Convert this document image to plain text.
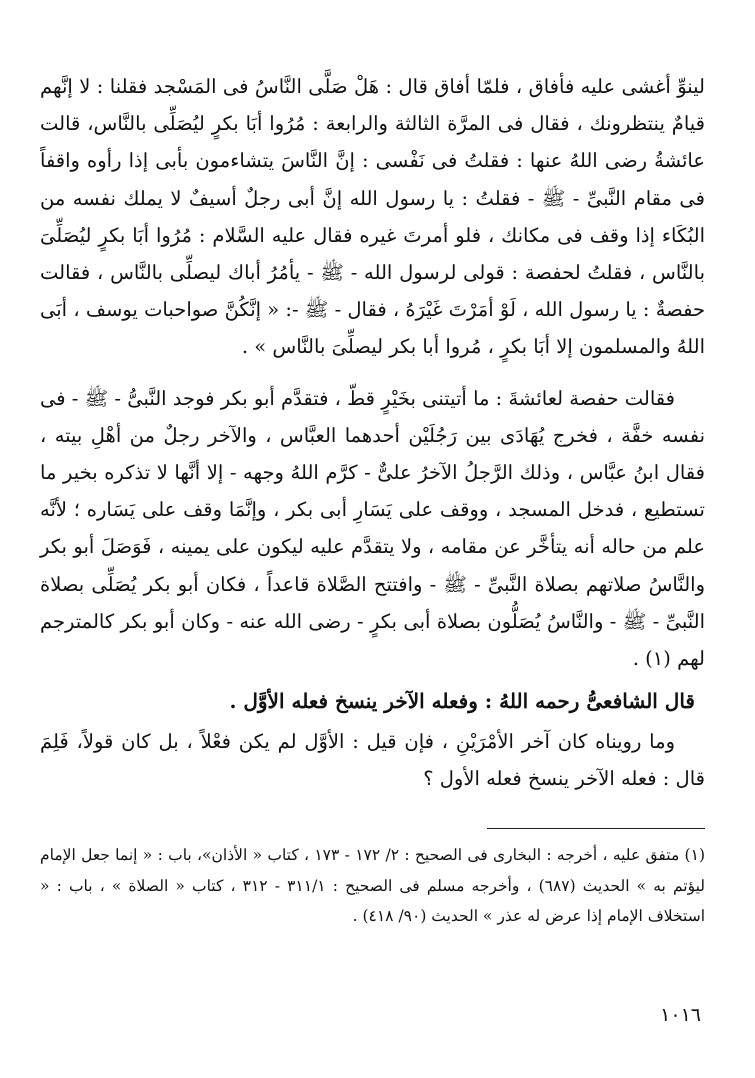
لينوِّ أغشى عليه فأفاق ، فلمّا أفاق قال : هَلْ صَلَّى النَّاسُ فى المَسْجد فقلنا : لا إنَّهم قيامٌ ينتظرونك ، فقال فى المرَّة الثالثة والرابعة : مُرُوا أبَا بكرٍ ليُصَلِّى بالنَّاس، قالت عائشةُ رضى اللهُ عنها : فقلتُ فى نَفْسى : إنَّ النَّاسَ يتشاءمون بأبى إذا رأوه واقفاً فى مقام النَّبىِّ - ﷺ - فقلتُ : يا رسول الله إنَّ أبى رجلٌ أسيفٌ لا يملك نفسه من البُكَاء إذا وقف فى مكانك ، فلو أمرتَ غيره فقال عليه السَّلام : مُرُوا أبَا بكرٍ ليُصَلِّىَ بالنَّاس ، فقلتُ لحفصة : قولى لرسول الله - ﷺ - يأمُرُ أباك ليصلِّى بالنَّاس ، فقالت حفصةٌ : يا رسول الله ، لَوْ أمَرْتَ غَيْرَهُ ، فقال - ﷺ -: « إنَّكُنَّ صواحبات يوسف ، أبَى اللهُ والمسلمون إلا أبَا بكرٍ ، مُروا أبا بكر ليصلِّىَ بالنَّاس » .

فقالت حفصة لعائشةَ : ما أتيتنى بخَيْرٍ قطّ ، فتقدَّم أبو بكر فوجد النَّبىُّ - ﷺ - فى نفسه خفَّة ، فخرج يُهَادَى بين رَجُلَيْن أحدهما العبَّاس ، والآخر رجلٌ من أهْلِ بيته ، فقال ابنُ عبَّاس ، وذلك الرَّجلُ الآخرُ علىٌّ - كرَّم اللهُ وجهه - إلا أنَّها لا تذكره بخير ما تستطيع ، فدخل المسجد ، ووقف على يَسَارِ أبى بكر ، وإنَّمَا وقف على يَسَاره ؛ لأنَّه علم من حاله أنه يتأخَّر عن مقامه ، ولا يتقدَّم عليه ليكون على يمينه ، فَوَصَلَ أبو بكر والنَّاسُ صلاتهم بصلاة النَّبىِّ - ﷺ - وافتتح الصَّلاة قاعداً ، فكان أبو بكر يُصَلِّى بصلاة النَّبىِّ - ﷺ - والنَّاسُ يُصَلُّون بصلاة أبى بكرٍ - رضى الله عنه - وكان أبو بكر كالمترجم لهم (١) .

قال الشافعىُّ رحمه اللهُ : وفعله الآخر ينسخ فعله الأوَّل .

وما رويناه كان آخر الأمْرَيْنِ ، فإن قيل : الأوَّل لم يكن فعْلاً ، بل كان قولاً، فَلِمَ قال : فعله الآخر ينسخ فعله الأول ؟

(١) متفق عليه ، أخرجه : البخارى فى الصحيح : ٢/ ١٧٢ - ١٧٣ ، كتاب « الأذان»، باب : « إنما جعل الإمام ليؤتم به » الحديث (٦٨٧) ، وأخرجه مسلم فى الصحيح : ٣١١/١ - ٣١٢ ، كتاب « الصلاة » ، باب : « استخلاف الإمام إذا عرض له عذر » الحديث (٩٠/ ٤١٨) .

١٠١٦
